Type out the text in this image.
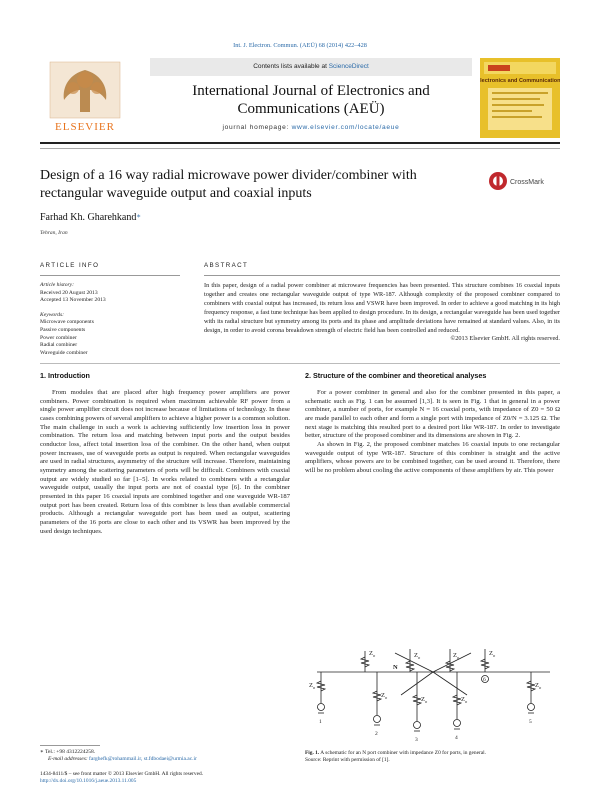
Int. J. Electron. Commun. (AEÜ) 68 (2014) 422–428
ELSEVIER
Contents lists available at ScienceDirect
International Journal of Electronics and
Communications (AEÜ)
journal homepage: www.elsevier.com/locate/aeue
Electronics and Communications
Design of a 16 way radial microwave power divider/combiner with
rectangular waveguide output and coaxial inputs
CrossMark
Farhad Kh. Gharehkand∗
Tehran, Iran
ARTICLE INFO	ABSTRACT
Article history:
Received 20 August 2013
Accepted 13 November 2013
Keywords:
Microwave components
Passive components
Power combiner
Radial combiner
Waveguide combiner
In this paper, design of a radial power combiner at microwave frequencies has been presented. This structure combines 16 coaxial inputs together and creates one rectangular waveguide output of type WR-187. Although complexity of the proposed combiner compared to combiners with coaxial output has increased, its return loss and VSWR have been improved. In order to achieve a good matching in its high frequency response, a fast tune technique has been applied to design procedure. In its design, a rectangular waveguide has been used together with its radial structure but symmetry among its ports and its phase and amplitude deviations have remained at standard values. Also, in its design, in order to avoid corona breakdown strength of electric field has been controlled and reduced.
©2013 Elsevier GmbH. All rights reserved.
1. Introduction

From modules that are placed after high frequency power amplifiers are power combiners. Power combination is required when maximum achievable RF power from a single power amplifier circuit does not increase because of limitations of technology. In these cases combining powers of several amplifiers to achieve a higher power is a common solution. The main challenge in such a work is achieving sufficiently low insertion loss in power combination. The return loss and matching between input ports and the output besides conductor loss, affect total insertion loss of the combiner. On the other hand, when output power increases, use of waveguide ports as output is required. When rectangular waveguides are used in radial structures, asymmetry of the structure will increase. Therefore, maintaining symmetry among the scattering parameters of ports will be difficult. Combiners with coaxial output are widely studied so far [1–5]. In works related to combiners with a rectangular waveguide output, usually the input ports are not of coaxial type [6]. In the combiner presented in this paper 16 coaxial inputs are combined together and one waveguide WR-187 output port has been created. Return loss of this combiner is less than available commercial products. Although a rectangular waveguide port has been used as output, scattering parameters of the 16 ports are close to each other and its VSWR has been improved by the used design techniques.

2. Structure of the combiner and theoretical analyses

For a power combiner in general and also for the combiner presented in this paper, a schematic such as Fig. 1 can be assumed [1,3]. It is seen in Fig. 1 that in general in a power combiner, a number of ports, for example N = 16 coaxial ports, with impedance of Z0 = 50 Ω are made parallel to each other and form a single port with impedance of Z0/N = 3.125 Ω. The next stage is matching this resulted port to a desired port like WR-187. In order to investigate better, structure of the proposed combiner and its dimensions are shown in Fig. 2.

As shown in Fig. 2, the proposed combiner matches 16 coaxial inputs to one rectangular waveguide output of type WR-187. Structure of this combiner is straight and the active amplifiers, whose powers are to be combined together, can be used around it. Therefore, there will be no problem about cooling the active components of these amplifiers by air. This power

Z	Z	Z
Z
Z
Z	Z
Z
Z
N
o	o	o
o
o
o	o
o
o
1
2
3	4
5
6
Fig. 1. A schematic for an N port combiner with impedance Z0 for ports, in general.
Source: Reprint with permission of [1].
∗ Tel.: +98 4312224258.
E-mail addresses: farghefk@rohammail.ir, st.fdbodaei@urmia.ac.ir
1434-8411/$ – see front matter © 2013 Elsevier GmbH. All rights reserved.
http://dx.doi.org/10.1016/j.aeue.2013.11.005
